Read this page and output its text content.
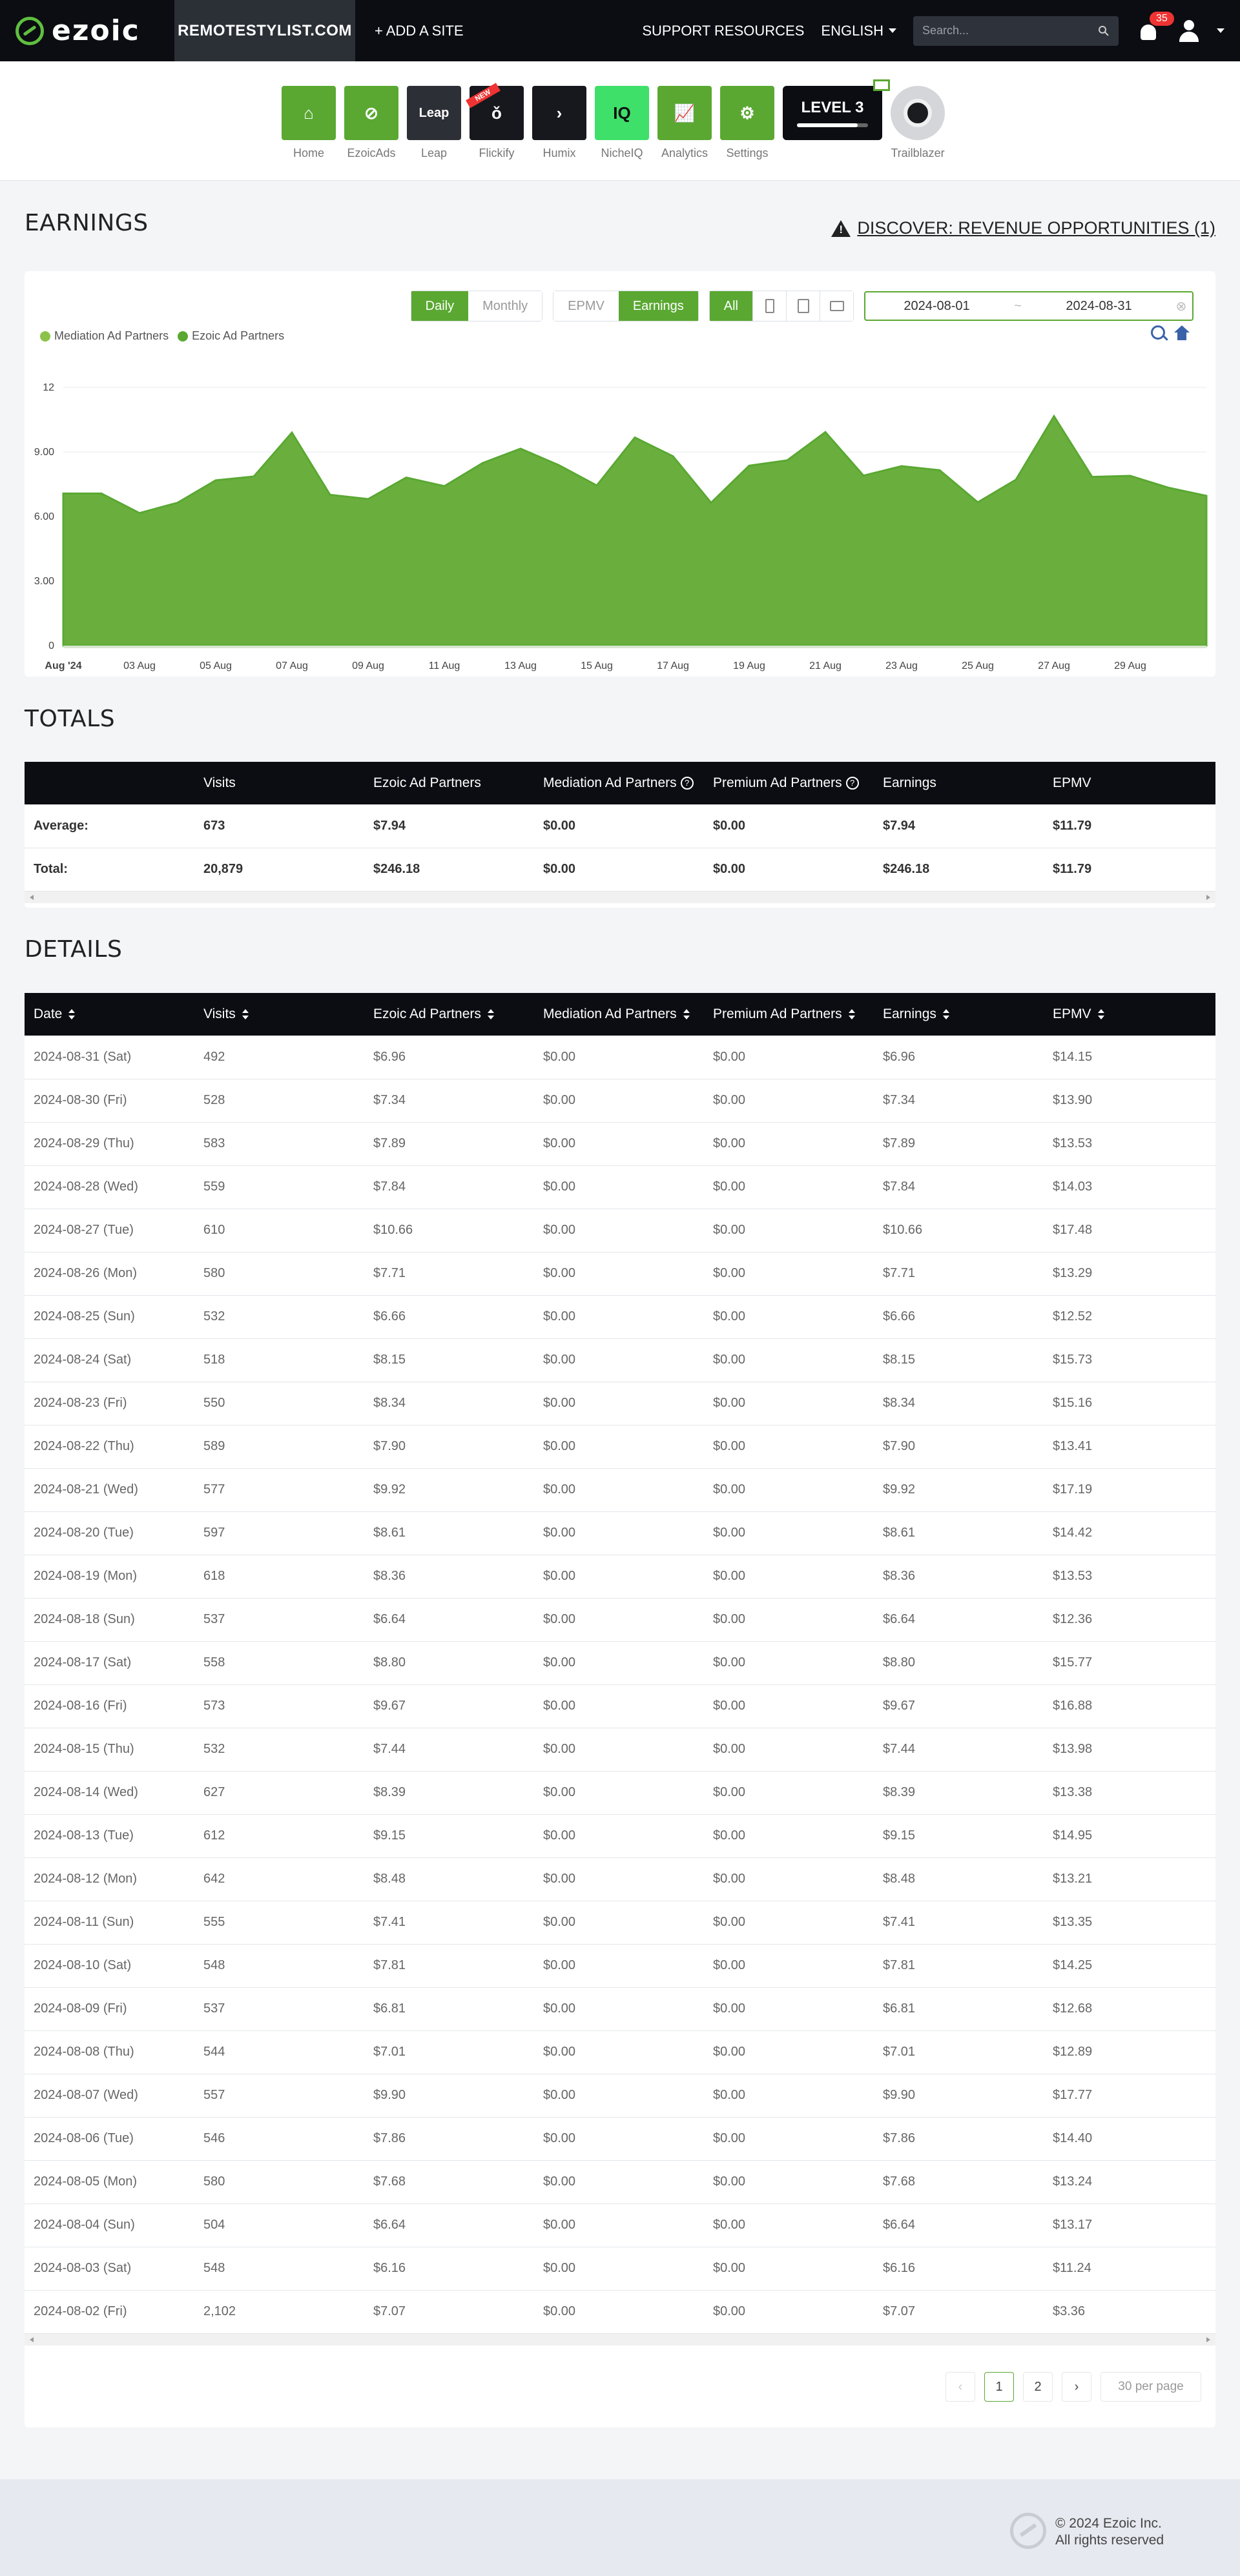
ezoic REMOTESTYLIST.COM + ADD A SITE	SUPPORT RESOURCES ENGLISH
Search...
35
⌂
Home
⊘
EzoicAds
Leap
Leap
ǒ
NEW
Flickify
›
Humix
IQ
NicheIQ
📈
Analytics
⚙
Settings
LEVEL 3
Trailblazer
EARNINGS !	DISCOVER: REVENUE OPPORTUNITIES (1)
Daily	Monthly	EPMV	Earnings	All	2024-08-01	~	2024-08-31	⊗
Mediation Ad Partners Ezoic Ad Partners
0
3.00
6.00
9.00
12
Aug '24	03 Aug	05 Aug	07 Aug	09 Aug	11 Aug	13 Aug	15 Aug	17 Aug	19 Aug	21 Aug	23 Aug	25 Aug	27 Aug	29 Aug
TOTALS
	Visits	Ezoic Ad Partners	Mediation Ad Partners ?	Premium Ad Partners ?	Earnings	EPMV
Average:	673	$7.94	$0.00	$0.00	$7.94	$11.79
Total:	20,879	$246.18	$0.00	$0.00	$246.18	$11.79
DETAILS
Date	Visits	Ezoic Ad Partners	Mediation Ad Partners	Premium Ad Partners	Earnings	EPMV
2024-08-31 (Sat)	492	$6.96	$0.00	$0.00	$6.96	$14.15
2024-08-30 (Fri)	528	$7.34	$0.00	$0.00	$7.34	$13.90
2024-08-29 (Thu)	583	$7.89	$0.00	$0.00	$7.89	$13.53
2024-08-28 (Wed)	559	$7.84	$0.00	$0.00	$7.84	$14.03
2024-08-27 (Tue)	610	$10.66	$0.00	$0.00	$10.66	$17.48
2024-08-26 (Mon)	580	$7.71	$0.00	$0.00	$7.71	$13.29
2024-08-25 (Sun)	532	$6.66	$0.00	$0.00	$6.66	$12.52
2024-08-24 (Sat)	518	$8.15	$0.00	$0.00	$8.15	$15.73
2024-08-23 (Fri)	550	$8.34	$0.00	$0.00	$8.34	$15.16
2024-08-22 (Thu)	589	$7.90	$0.00	$0.00	$7.90	$13.41
2024-08-21 (Wed)	577	$9.92	$0.00	$0.00	$9.92	$17.19
2024-08-20 (Tue)	597	$8.61	$0.00	$0.00	$8.61	$14.42
2024-08-19 (Mon)	618	$8.36	$0.00	$0.00	$8.36	$13.53
2024-08-18 (Sun)	537	$6.64	$0.00	$0.00	$6.64	$12.36
2024-08-17 (Sat)	558	$8.80	$0.00	$0.00	$8.80	$15.77
2024-08-16 (Fri)	573	$9.67	$0.00	$0.00	$9.67	$16.88
2024-08-15 (Thu)	532	$7.44	$0.00	$0.00	$7.44	$13.98
2024-08-14 (Wed)	627	$8.39	$0.00	$0.00	$8.39	$13.38
2024-08-13 (Tue)	612	$9.15	$0.00	$0.00	$9.15	$14.95
2024-08-12 (Mon)	642	$8.48	$0.00	$0.00	$8.48	$13.21
2024-08-11 (Sun)	555	$7.41	$0.00	$0.00	$7.41	$13.35
2024-08-10 (Sat)	548	$7.81	$0.00	$0.00	$7.81	$14.25
2024-08-09 (Fri)	537	$6.81	$0.00	$0.00	$6.81	$12.68
2024-08-08 (Thu)	544	$7.01	$0.00	$0.00	$7.01	$12.89
2024-08-07 (Wed)	557	$9.90	$0.00	$0.00	$9.90	$17.77
2024-08-06 (Tue)	546	$7.86	$0.00	$0.00	$7.86	$14.40
2024-08-05 (Mon)	580	$7.68	$0.00	$0.00	$7.68	$13.24
2024-08-04 (Sun)	504	$6.64	$0.00	$0.00	$6.64	$13.17
2024-08-03 (Sat)	548	$6.16	$0.00	$0.00	$6.16	$11.24
2024-08-02 (Fri)	2,102	$7.07	$0.00	$0.00	$7.07	$3.36
‹	1	2	›	30 per page
© 2024 Ezoic Inc.
All rights reserved
